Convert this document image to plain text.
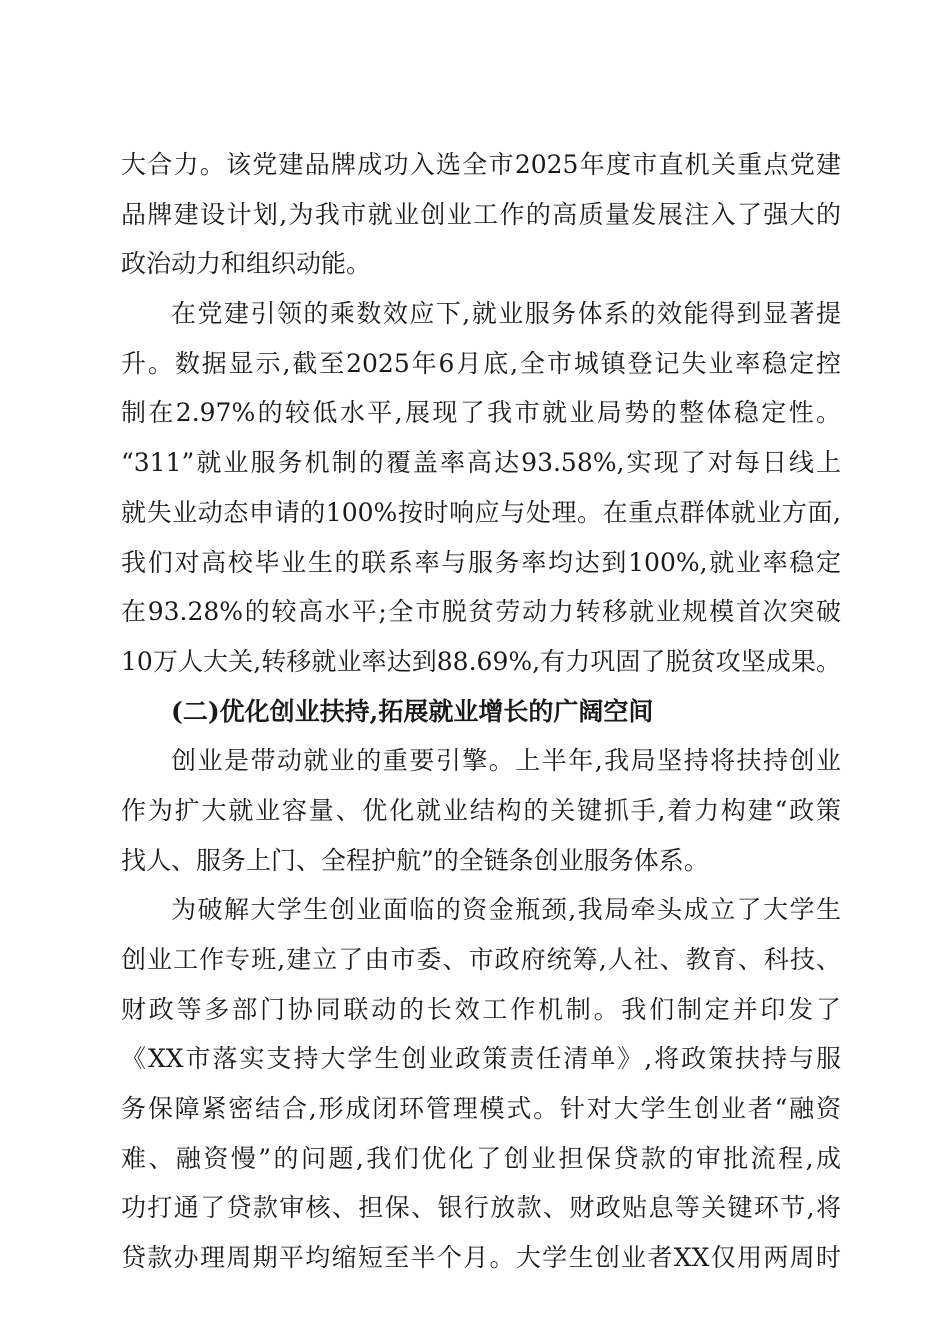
大合力。该党建品牌成功入选全市2025年度市直机关重点党建
品牌建设计划,为我市就业创业工作的高质量发展注入了强大的
政治动力和组织动能。
在党建引领的乘数效应下,就业服务体系的效能得到显著提
升。数据显示,截至2025年6月底,全市城镇登记失业率稳定控
制在2.97%的较低水平,展现了我市就业局势的整体稳定性。
“311”就业服务机制的覆盖率高达93.58%,实现了对每日线上
就失业动态申请的100%按时响应与处理。在重点群体就业方面,
我们对高校毕业生的联系率与服务率均达到100%,就业率稳定
在93.28%的较高水平;全市脱贫劳动力转移就业规模首次突破
10万人大关,转移就业率达到88.69%,有力巩固了脱贫攻坚成果。
(二)优化创业扶持,拓展就业增长的广阔空间
创业是带动就业的重要引擎。上半年,我局坚持将扶持创业
作为扩大就业容量、优化就业结构的关键抓手,着力构建“政策
找人、服务上门、全程护航”的全链条创业服务体系。
为破解大学生创业面临的资金瓶颈,我局牵头成立了大学生
创业工作专班,建立了由市委、市政府统筹,人社、教育、科技、
财政等多部门协同联动的长效工作机制。我们制定并印发了
《XX市落实支持大学生创业政策责任清单》,将政策扶持与服
务保障紧密结合,形成闭环管理模式。针对大学生创业者“融资
难、融资慢”的问题,我们优化了创业担保贷款的审批流程,成
功打通了贷款审核、担保、银行放款、财政贴息等关键环节,将
贷款办理周期平均缩短至半个月。大学生创业者XX仅用两周时
